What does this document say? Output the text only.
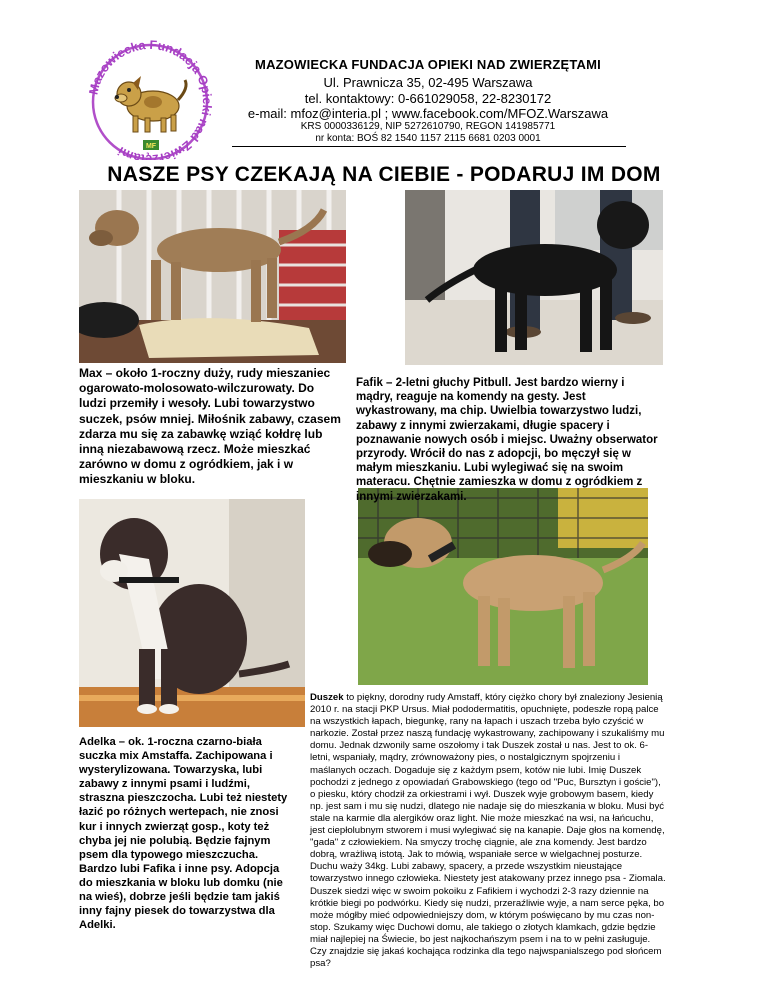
Mazowiecka Fundacja Opieki nad Zwierzętami	MF
MAZOWIECKA FUNDACJA OPIEKI NAD ZWIERZĘTAMI
Ul. Prawnicza 35, 02-495 Warszawa
tel. kontaktowy: 0-661029058, 22-8230172
e-mail: mfoz@interia.pl ; www.facebook.com/MFOZ.Warszawa
KRS 0000336129, NIP 5272610790, REGON 141985771
nr konta: BOŚ 82 1540 1157 2115 6681 0203 0001
NASZE PSY CZEKAJĄ NA CIEBIE - PODARUJ IM DOM
Max – około 1-roczny duży, rudy mieszaniec ogarowato-molosowato-wilczurowaty. Do ludzi przemiły i wesoły. Lubi towarzystwo suczek, psów mniej. Miłośnik zabawy, czasem zdarza mu się za zabawkę wziąć kołdrę lub inną niezabawową rzecz. Może mieszkać zarówno w domu z ogródkiem, jak i w mieszkaniu w bloku.
Fafik – 2-letni głuchy Pitbull. Jest bardzo wierny i mądry, reaguje na komendy na gesty. Jest wykastrowany, ma chip. Uwielbia towarzystwo ludzi, zabawy z innymi zwierzakami, długie spacery i poznawanie nowych osób i miejsc. Uważny obserwator przyrody. Wrócił do nas z adopcji, bo męczył się w małym mieszkaniu. Lubi wylegiwać się na swoim materacu. Chętnie zamieszka w domu z ogródkiem z innymi zwierzakami.
Adelka – ok. 1-roczna czarno-biała suczka mix Amstaffa. Zachipowana i wysterylizowana. Towarzyska, lubi zabawy z innymi psami i ludźmi, straszna pieszczocha. Lubi też niestety łazić po różnych wertepach, nie znosi kur i innych zwierząt gosp., koty też chyba jej nie polubią. Będzie fajnym psem dla typowego mieszczucha. Bardzo lubi Fafika i inne psy. Adopcja do mieszkania w bloku lub domku (nie na wieś), dobrze jeśli będzie tam jakiś inny fajny piesek do towarzystwa dla Adelki.
Duszek to piękny, dorodny rudy Amstaff, który ciężko chory był znaleziony Jesienią 2010 r. na stacji PKP Ursus. Miał pododermatitis, opuchnięte, podeszłe ropą palce na wszystkich łapach, biegunkę, rany na łapach i uszach trzeba było czyścić w narkozie. Został przez naszą fundację wykastrowany, zachipowany i szukaliśmy mu domu. Jednak dzwonily same oszołomy i tak Duszek został u nas. Jest to ok. 6-letni, wspaniały, mądry, zrównoważony pies, o nostalgicznym spojrzeniu i maślanych oczach. Dogaduje się z każdym psem, kotów nie lubi. Imię Duszek pochodzi z jednego z opowiadań Grabowskiego (tego od "Puc, Bursztyn i goście"), o piesku, który chodził za orkiestrami i wył. Duszek wyje grobowym basem, kiedy np. jest sam i mu się nudzi, dlatego nie nadaje się do mieszkania w bloku. Musi być stale na karmie dla alergików oraz light. Nie może mieszkać na wsi, na łańcuchu, jest ciepłolubnym stworem i musi wylegiwać się na kanapie. Daje głos na komendę, "gada" z człowiekiem. Na smyczy trochę ciągnie, ale zna komendy. Jest bardzo dobrą, wrażliwą istotą. Jak to mówią, wspaniałe serce w wielgachnej posturze. Duchu waży 34kg. Lubi zabawy, spacery, a przede wszystkim nieustające towarzystwo innego człowieka. Niestety jest atakowany przez innego psa - Ziomala. Duszek siedzi więc w swoim pokoiku z Fafikiem i wychodzi 2-3 razy dziennie na krótkie biegi po podwórku. Kiedy się nudzi, przeraźliwie wyje, a nam serce pęka, bo może mógłby mieć odpowiedniejszy dom, w którym poświęcano by mu czas non-stop. Szukamy więc Duchowi domu, ale takiego o złotych klamkach, gdzie będzie miał najlepiej na Świecie, bo jest najkochańszym psem i na to w pełni zasługuje. Czy znajdzie się jakaś kochająca rodzinka dla tego najwspanialszego pod słońcem psa?
